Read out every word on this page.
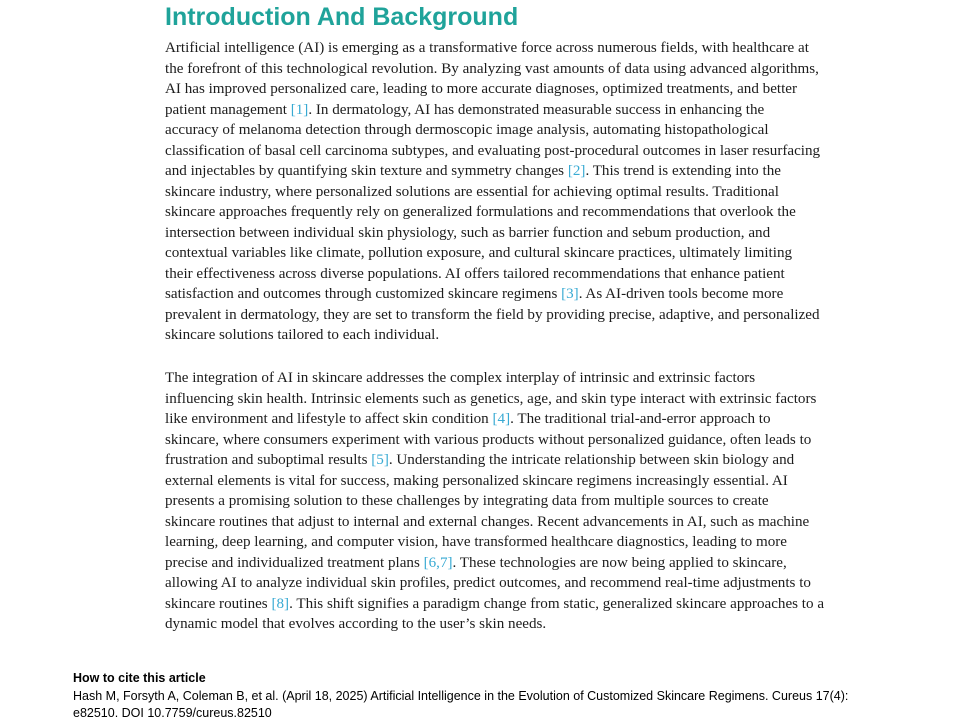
Introduction And Background
Artificial intelligence (AI) is emerging as a transformative force across numerous fields, with healthcare at
the forefront of this technological revolution. By analyzing vast amounts of data using advanced algorithms,
AI has improved personalized care, leading to more accurate diagnoses, optimized treatments, and better
patient management [1]. In dermatology, AI has demonstrated measurable success in enhancing the
accuracy of melanoma detection through dermoscopic image analysis, automating histopathological
classification of basal cell carcinoma subtypes, and evaluating post-procedural outcomes in laser resurfacing
and injectables by quantifying skin texture and symmetry changes [2]. This trend is extending into the
skincare industry, where personalized solutions are essential for achieving optimal results. Traditional
skincare approaches frequently rely on generalized formulations and recommendations that overlook the
intersection between individual skin physiology, such as barrier function and sebum production, and
contextual variables like climate, pollution exposure, and cultural skincare practices, ultimately limiting
their effectiveness across diverse populations. AI offers tailored recommendations that enhance patient
satisfaction and outcomes through customized skincare regimens [3]. As AI-driven tools become more
prevalent in dermatology, they are set to transform the field by providing precise, adaptive, and personalized
skincare solutions tailored to each individual.
The integration of AI in skincare addresses the complex interplay of intrinsic and extrinsic factors
influencing skin health. Intrinsic elements such as genetics, age, and skin type interact with extrinsic factors
like environment and lifestyle to affect skin condition [4]. The traditional trial-and-error approach to
skincare, where consumers experiment with various products without personalized guidance, often leads to
frustration and suboptimal results [5]. Understanding the intricate relationship between skin biology and
external elements is vital for success, making personalized skincare regimens increasingly essential. AI
presents a promising solution to these challenges by integrating data from multiple sources to create
skincare routines that adjust to internal and external changes. Recent advancements in AI, such as machine
learning, deep learning, and computer vision, have transformed healthcare diagnostics, leading to more
precise and individualized treatment plans [6,7]. These technologies are now being applied to skincare,
allowing AI to analyze individual skin profiles, predict outcomes, and recommend real-time adjustments to
skincare routines [8]. This shift signifies a paradigm change from static, generalized skincare approaches to a
dynamic model that evolves according to the user’s skin needs.
How to cite this article
Hash M, Forsyth A, Coleman B, et al. (April 18, 2025) Artificial Intelligence in the Evolution of Customized Skincare Regimens. Cureus 17(4):
e82510. DOI 10.7759/cureus.82510
